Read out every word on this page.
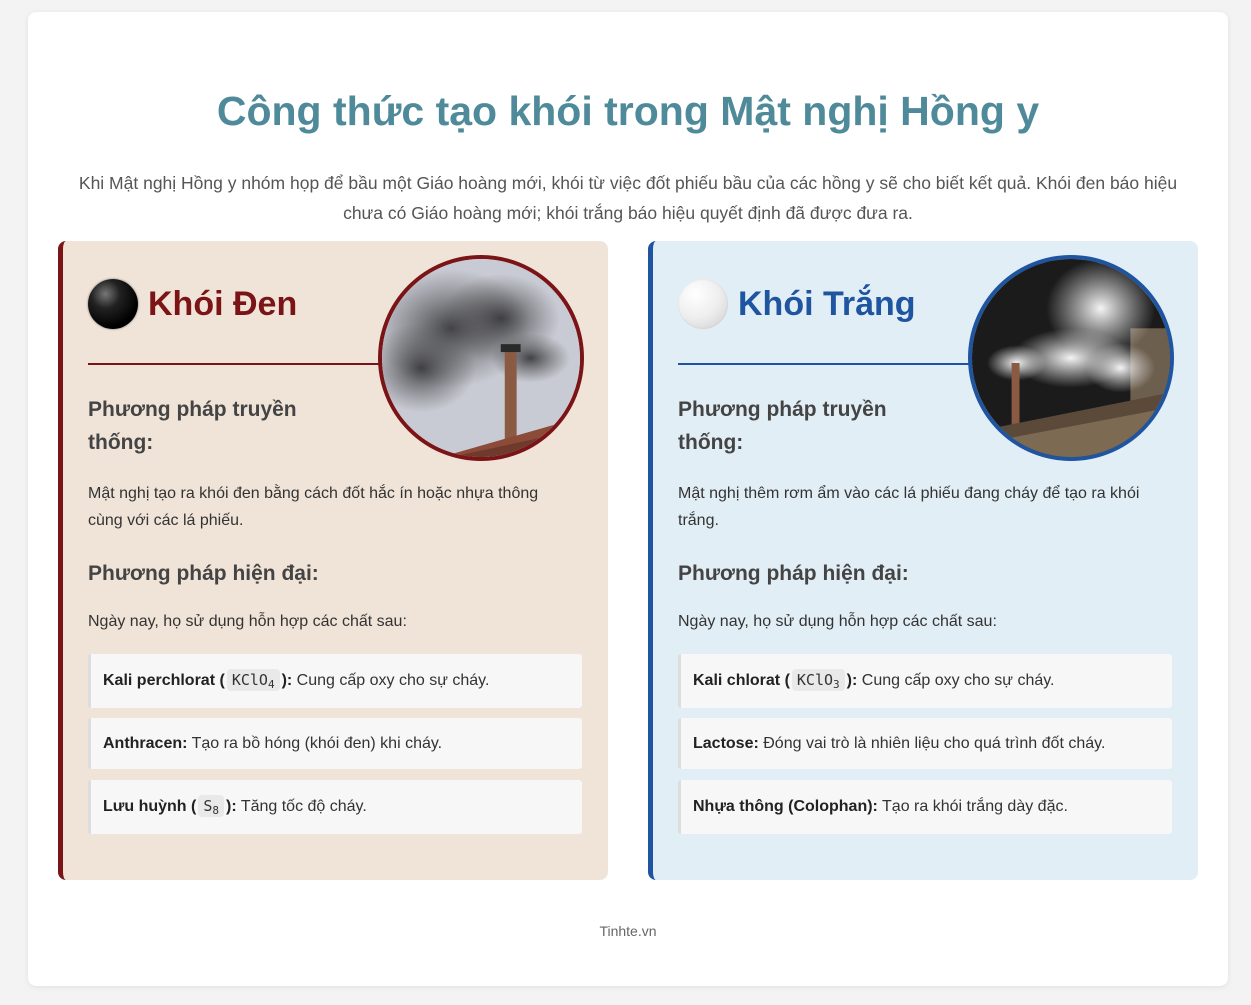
Công thức tạo khói trong Mật nghị Hồng y

Khi Mật nghị Hồng y nhóm họp để bầu một Giáo hoàng mới, khói từ việc đốt phiếu bầu của các hồng y sẽ cho biết kết quả. Khói đen báo hiệu chưa có Giáo hoàng mới; khói trắng báo hiệu quyết định đã được đưa ra.

Khói Đen
Phương pháp truyền thống:

Mật nghị tạo ra khói đen bằng cách đốt hắc ín hoặc nhựa thông cùng với các lá phiếu.

Phương pháp hiện đại:

Ngày nay, họ sử dụng hỗn hợp các chất sau:

Kali perchlorat ( KClO$_4$ ): Cung cấp oxy cho sự cháy.
Anthracen: Tạo ra bồ hóng (khói đen) khi cháy.
Lưu huỳnh ( $S_8$ ): Tăng tốc độ cháy.
Khói Trắng
Phương pháp truyền thống:

Mật nghị thêm rơm ẩm vào các lá phiếu đang cháy để tạo ra khói trắng.

Phương pháp hiện đại:

Ngày nay, họ sử dụng hỗn hợp các chất sau:

Kali chlorat ( KClO$_3$ ): Cung cấp oxy cho sự cháy.
Lactose: Đóng vai trò là nhiên liệu cho quá trình đốt cháy.
Nhựa thông (Colophan): Tạo ra khói trắng dày đặc.
Tinhte.vn
